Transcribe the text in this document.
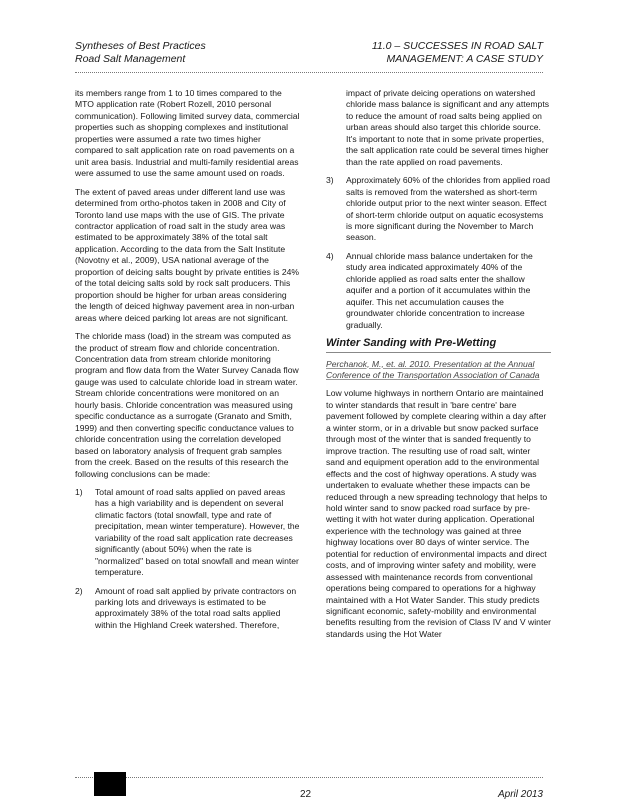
Syntheses of Best Practices
Road Salt Management
11.0 – SUCCESSES IN ROAD SALT
MANAGEMENT: A CASE STUDY

its members range from 1 to 10 times compared to the MTO application rate (Robert Rozell, 2010 personal communication). Following limited survey data, commercial properties such as shopping complexes and institutional properties were assumed a rate two times higher compared to salt application rate on road pavements on a unit area basis. Industrial and multi-family residential areas were assumed to use the same amount used on roads.

The extent of paved areas under different land use was determined from ortho-photos taken in 2008 and City of Toronto land use maps with the use of GIS. The private contractor application of road salt in the study area was estimated to be approximately 38% of the total salt application. According to the data from the Salt Institute (Novotny et al., 2009), USA national average of the proportion of deicing salts bought by private entities is 24% of the total deicing salts sold by rock salt producers. This proportion should be higher for urban areas considering the length of deiced highway pavement area in non-urban areas where deiced parking lot areas are not significant.

The chloride mass (load) in the stream was computed as the product of stream flow and chloride concentration. Concentration data from stream chloride monitoring program and flow data from the Water Survey Canada flow gauge was used to calculate chloride load in stream water. Stream chloride concentrations were monitored on an hourly basis. Chloride concentration was measured using specific conductance as a surrogate (Granato and Smith, 1999) and then converting specific conductance values to chloride concentration using the correlation developed based on laboratory analysis of frequent grab samples from the creek. Based on the results of this research the following conclusions can be made:

1) Total amount of road salts applied on paved areas has a high variability and is dependent on several climatic factors (total snowfall, type and rate of precipitation, mean winter temperature). However, the variability of the road salt application rate decreases significantly (about 50%) when the rate is "normalized" based on total snowfall and mean winter temperature.
2) Amount of road salt applied by private contractors on parking lots and driveways is estimated to be approximately 38% of the total road salts applied within the Highland Creek watershed. Therefore,

impact of private deicing operations on watershed chloride mass balance is significant and any attempts to reduce the amount of road salts being applied on urban areas should also target this chloride source. It's important to note that in some private properties, the salt application rate could be several times higher than the rate applied on road pavements.

3) Approximately 60% of the chlorides from applied road salts is removed from the watershed as short-term chloride output prior to the next winter season. Effect of short-term chloride output on aquatic ecosystems is more significant during the November to March season.
4) Annual chloride mass balance undertaken for the study area indicated approximately 40% of the chloride applied as road salts enter the shallow aquifer and a portion of it accumulates within the aquifer. This net accumulation causes the groundwater chloride concentration to increase gradually.
Winter Sanding with Pre-Wetting

Perchanok, M., et. al. 2010. Presentation at the Annual Conference of the Transportation Association of Canada

Low volume highways in northern Ontario are maintained to winter standards that result in 'bare centre' bare pavement followed by complete clearing within a day after a winter storm, or in a drivable but snow packed surface through most of the winter that is sanded frequently to improve traction. The resulting use of road salt, winter sand and equipment operation add to the environmental effects and the cost of highway operations. A study was undertaken to evaluate whether these impacts can be reduced through a new spreading technology that helps to hold winter sand to snow packed road surface by pre-wetting it with hot water during application. Operational experience with the technology was gained at three highway locations over 80 days of winter service. The potential for reduction of environmental impacts and direct costs, and of improving winter safety and mobility, were assessed with maintenance records from conventional operations being compared to operations for a highway maintained with a Hot Water Sander. This study predicts significant economic, safety-mobility and environmental benefits resulting from the revision of Class IV and V winter standards using the Hot Water

22	April 2013
